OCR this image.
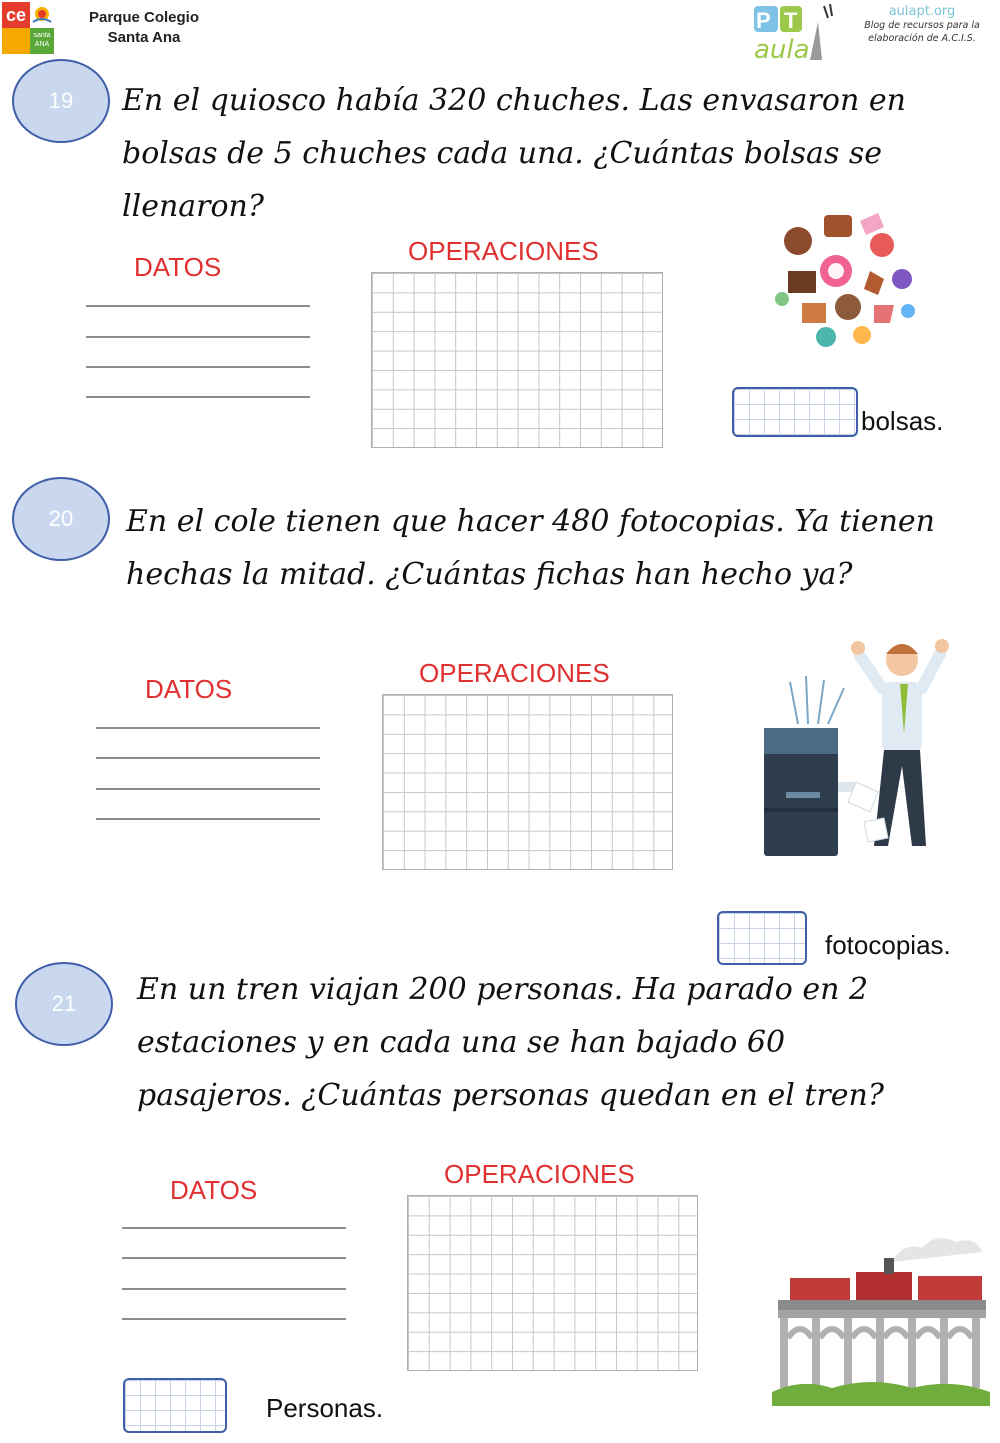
ce
santa ANA
Parque Colegio
Santa Ana
P T
aula
aulapt.org
Blog de recursos para la
elaboración de A.C.I.S.
19	En el quiosco había 320 chuches. Las envasaron en
bolsas de 5 chuches cada una. ¿Cuántas bolsas se
llenaron?
DATOS
OPERACIONES
bolsas.
20	En el cole tienen que hacer 480 fotocopias. Ya tienen
hechas la mitad. ¿Cuántas fichas han hecho ya?
DATOS
OPERACIONES
fotocopias.
21	En un tren viajan 200 personas. Ha parado en 2
estaciones y en cada una se han bajado 60
pasajeros. ¿Cuántas personas quedan en el tren?
DATOS
OPERACIONES
Personas.
